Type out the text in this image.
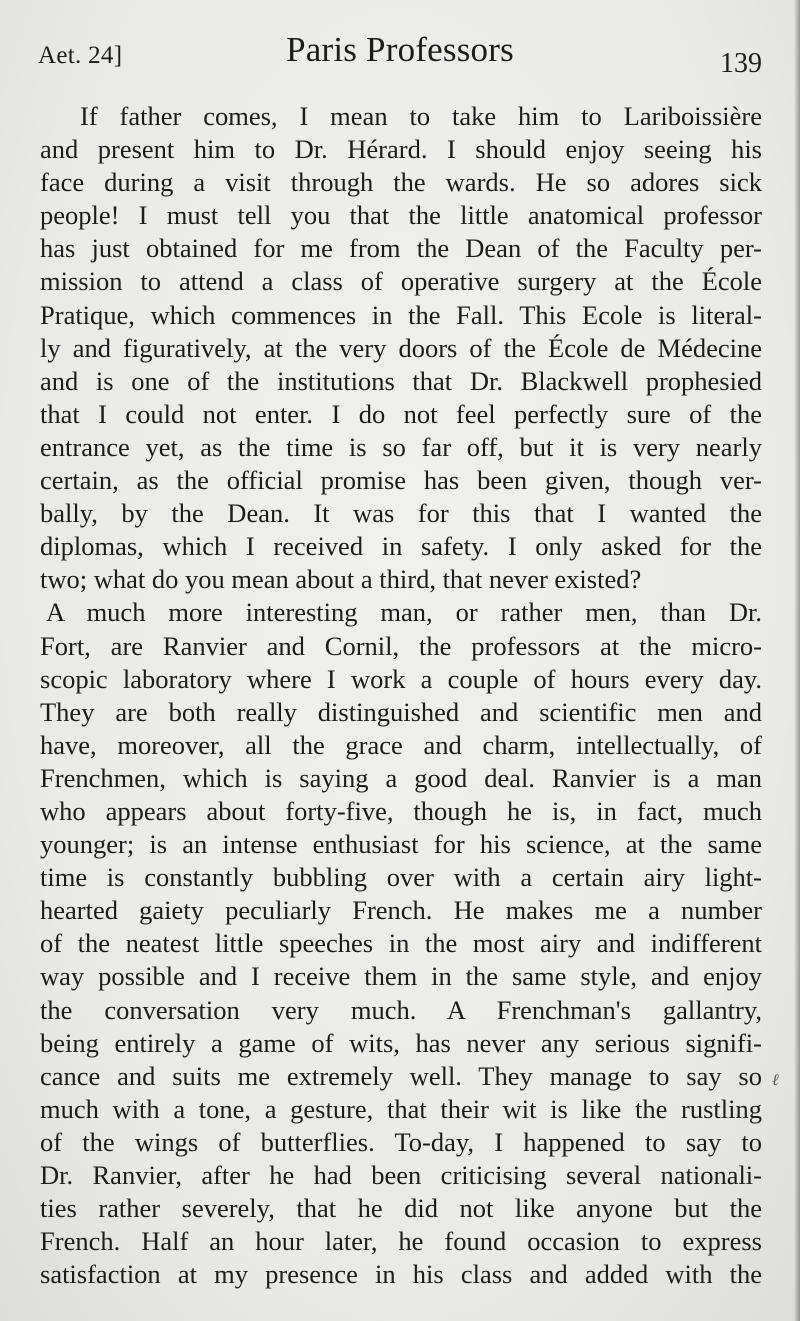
Aet. 24]	Paris Professors	139
If father comes, I mean to take him to Lariboissière
and present him to Dr. Hérard. I should enjoy seeing his
face during a visit through the wards. He so adores sick
people! I must tell you that the little anatomical professor
has just obtained for me from the Dean of the Faculty per-
mission to attend a class of operative surgery at the École
Pratique, which commences in the Fall. This Ecole is literal-
ly and figuratively, at the very doors of the École de Médecine
and is one of the institutions that Dr. Blackwell prophesied
that I could not enter. I do not feel perfectly sure of the
entrance yet, as the time is so far off, but it is very nearly
certain, as the official promise has been given, though ver-
bally, by the Dean. It was for this that I wanted the
diplomas, which I received in safety. I only asked for the
two; what do you mean about a third, that never existed?
A much more interesting man, or rather men, than Dr.
Fort, are Ranvier and Cornil, the professors at the micro-
scopic laboratory where I work a couple of hours every day.
They are both really distinguished and scientific men and
have, moreover, all the grace and charm, intellectually, of
Frenchmen, which is saying a good deal. Ranvier is a man
who appears about forty-five, though he is, in fact, much
younger; is an intense enthusiast for his science, at the same
time is constantly bubbling over with a certain airy light-
hearted gaiety peculiarly French. He makes me a number
of the neatest little speeches in the most airy and indifferent
way possible and I receive them in the same style, and enjoy
the conversation very much. A Frenchman's gallantry,
being entirely a game of wits, has never any serious signifi-
cance and suits me extremely well. They manage to say so
much with a tone, a gesture, that their wit is like the rustling
of the wings of butterflies. To-day, I happened to say to
Dr. Ranvier, after he had been criticising several nationali-
ties rather severely, that he did not like anyone but the
French. Half an hour later, he found occasion to express
satisfaction at my presence in his class and added with the
ℓ
